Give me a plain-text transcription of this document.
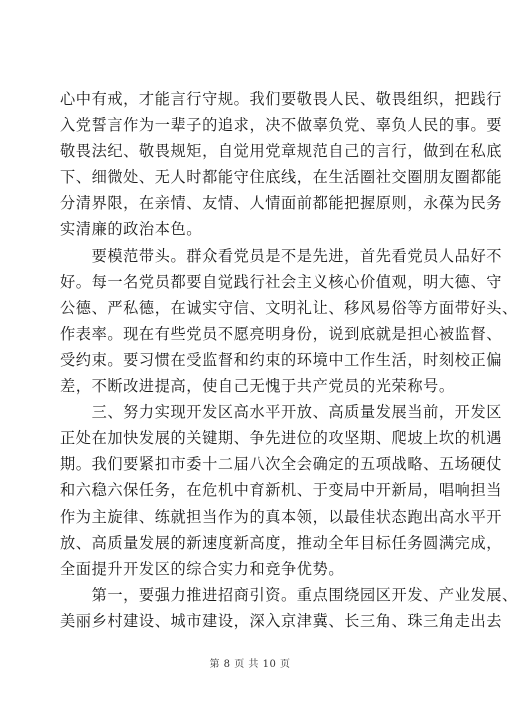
心中有戒，才能言行守规。我们要敬畏人民、敬畏组织，把践行
入党誓言作为一辈子的追求，决不做辜负党、辜负人民的事。要
敬畏法纪、敬畏规矩，自觉用党章规范自己的言行，做到在私底
下、细微处、无人时都能守住底线，在生活圈社交圈朋友圈都能
分清界限，在亲情、友情、人情面前都能把握原则，永葆为民务
实清廉的政治本色。
　　要模范带头。群众看党员是不是先进，首先看党员人品好不
好。每一名党员都要自觉践行社会主义核心价值观，明大德、守
公德、严私德，在诚实守信、文明礼让、移风易俗等方面带好头、
作表率。现在有些党员不愿亮明身份，说到底就是担心被监督、
受约束。要习惯在受监督和约束的环境中工作生活，时刻校正偏
差，不断改进提高，使自己无愧于共产党员的光荣称号。
　　三、努力实现开发区高水平开放、高质量发展当前，开发区
正处在加快发展的关键期、争先进位的攻坚期、爬坡上坎的机遇
期。我们要紧扣市委十二届八次全会确定的五项战略、五场硬仗
和六稳六保任务，在危机中育新机、于变局中开新局，唱响担当
作为主旋律、练就担当作为的真本领，以最佳状态跑出高水平开
放、高质量发展的新速度新高度，推动全年目标任务圆满完成，
全面提升开发区的综合实力和竞争优势。
　　第一，要强力推进招商引资。重点围绕园区开发、产业发展、
美丽乡村建设、城市建设，深入京津冀、长三角、珠三角走出去
第 8 页 共 10 页
